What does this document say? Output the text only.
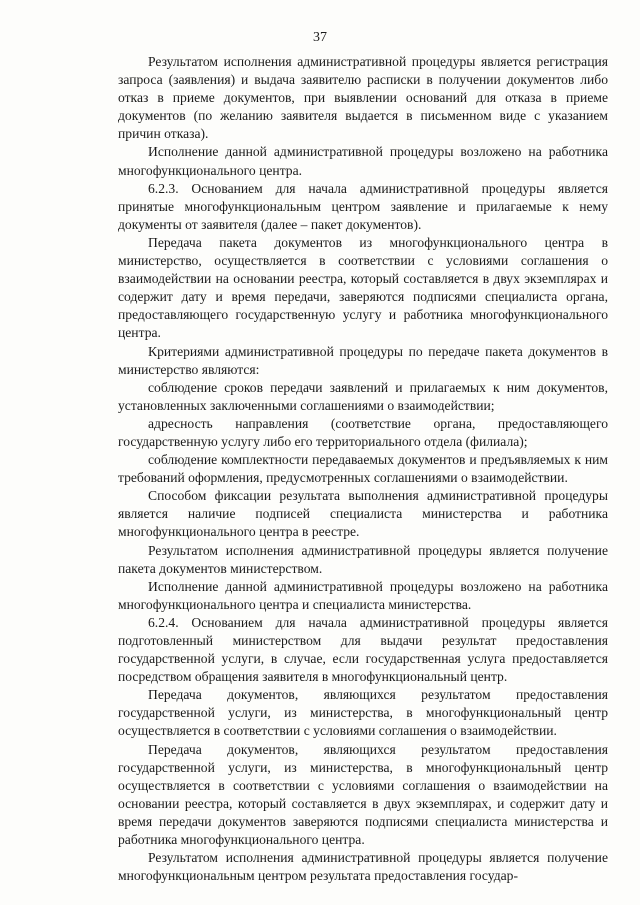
37

Результатом исполнения административной процедуры является регистрация запроса (заявления) и выдача заявителю расписки в получении документов либо отказ в приеме документов, при выявлении оснований для отказа в приеме документов (по желанию заявителя выдается в письменном виде с указанием причин отказа).

Исполнение данной административной процедуры возложено на работника многофункционального центра.

6.2.3. Основанием для начала административной процедуры является принятые многофункциональным центром заявление и прилагаемые к нему документы от заявителя (далее – пакет документов).

Передача пакета документов из многофункционального центра в министерство, осуществляется в соответствии с условиями соглашения о взаимодействии на основании реестра, который составляется в двух экземплярах и содержит дату и время передачи, заверяются подписями специалиста органа, предоставляющего государственную услугу и работника многофункционального центра.

Критериями административной процедуры по передаче пакета документов в министерство являются:

соблюдение сроков передачи заявлений и прилагаемых к ним документов, установленных заключенными соглашениями о взаимодействии;

адресность направления (соответствие органа, предоставляющего государственную услугу либо его территориального отдела (филиала);

соблюдение комплектности передаваемых документов и предъявляемых к ним требований оформления, предусмотренных соглашениями о взаимодействии.

Способом фиксации результата выполнения административной процедуры является наличие подписей специалиста министерства и работника многофункционального центра в реестре.

Результатом исполнения административной процедуры является получение пакета документов министерством.

Исполнение данной административной процедуры возложено на работника многофункционального центра и специалиста министерства.

6.2.4. Основанием для начала административной процедуры является подготовленный министерством для выдачи результат предоставления государственной услуги, в случае, если государственная услуга предоставляется посредством обращения заявителя в многофункциональный центр.

Передача документов, являющихся результатом предоставления государственной услуги, из министерства, в многофункциональный центр осуществляется в соответствии с условиями соглашения о взаимодействии.

Передача документов, являющихся результатом предоставления государственной услуги, из министерства, в многофункциональный центр осуществляется в соответствии с условиями соглашения о взаимодействии на основании реестра, который составляется в двух экземплярах, и содержит дату и время передачи документов заверяются подписями специалиста министерства и работника многофункционального центра.

Результатом исполнения административной процедуры является получение многофункциональным центром результата предоставления государ-
